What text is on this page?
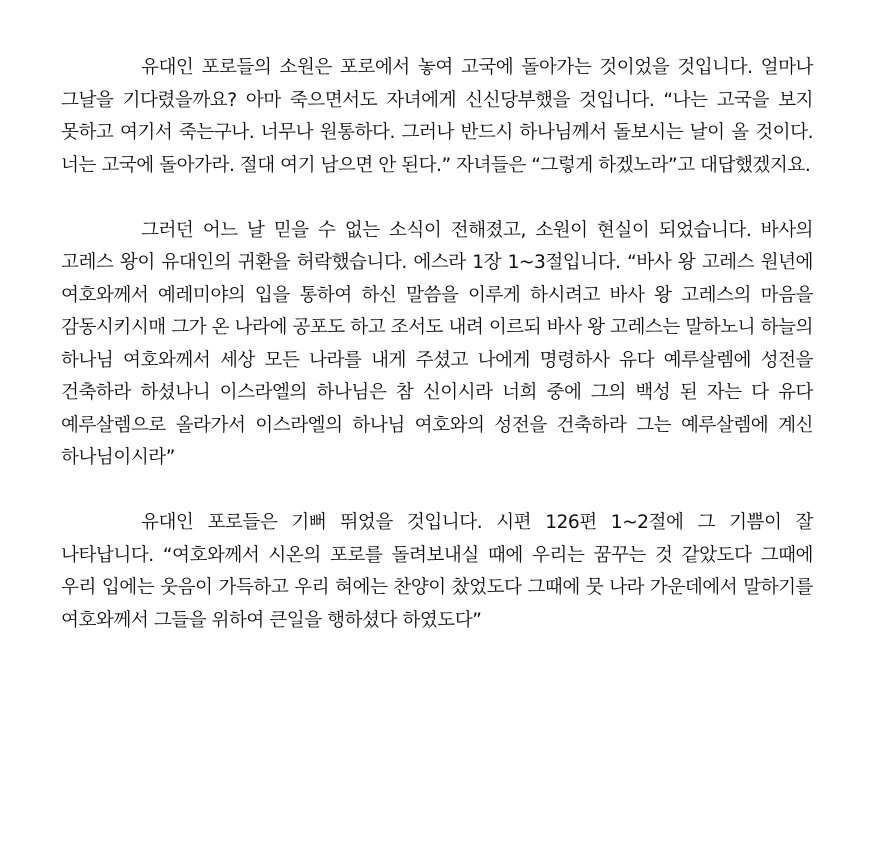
유대인 포로들의 소원은 포로에서 놓여 고국에 돌아가는 것이었을 것입니다. 얼마나 그날을 기다렸을까요? 아마 죽으면서도 자녀에게 신신당부했을 것입니다. “나는 고국을 보지 못하고 여기서 죽는구나. 너무나 원통하다. 그러나 반드시 하나님께서 돌보시는 날이 올 것이다. 너는 고국에 돌아가라. 절대 여기 남으면 안 된다.” 자녀들은 “그렇게 하겠노라”고 대답했겠지요.

그러던 어느 날 믿을 수 없는 소식이 전해졌고, 소원이 현실이 되었습니다. 바사의 고레스 왕이 유대인의 귀환을 허락했습니다. 에스라 1장 1~3절입니다. “바사 왕 고레스 원년에 여호와께서 예레미야의 입을 통하여 하신 말씀을 이루게 하시려고 바사 왕 고레스의 마음을 감동시키시매 그가 온 나라에 공포도 하고 조서도 내려 이르되 바사 왕 고레스는 말하노니 하늘의 하나님 여호와께서 세상 모든 나라를 내게 주셨고 나에게 명령하사 유다 예루살렘에 성전을 건축하라 하셨나니 이스라엘의 하나님은 참 신이시라 너희 중에 그의 백성 된 자는 다 유다 예루살렘으로 올라가서 이스라엘의 하나님 여호와의 성전을 건축하라 그는 예루살렘에 계신 하나님이시라”

유대인 포로들은 기뻐 뛰었을 것입니다. 시편 126편 1~2절에 그 기쁨이 잘 나타납니다. “여호와께서 시온의 포로를 돌려보내실 때에 우리는 꿈꾸는 것 같았도다 그때에 우리 입에는 웃음이 가득하고 우리 혀에는 찬양이 찼었도다 그때에 뭇 나라 가운데에서 말하기를 여호와께서 그들을 위하여 큰일을 행하셨다 하였도다”
